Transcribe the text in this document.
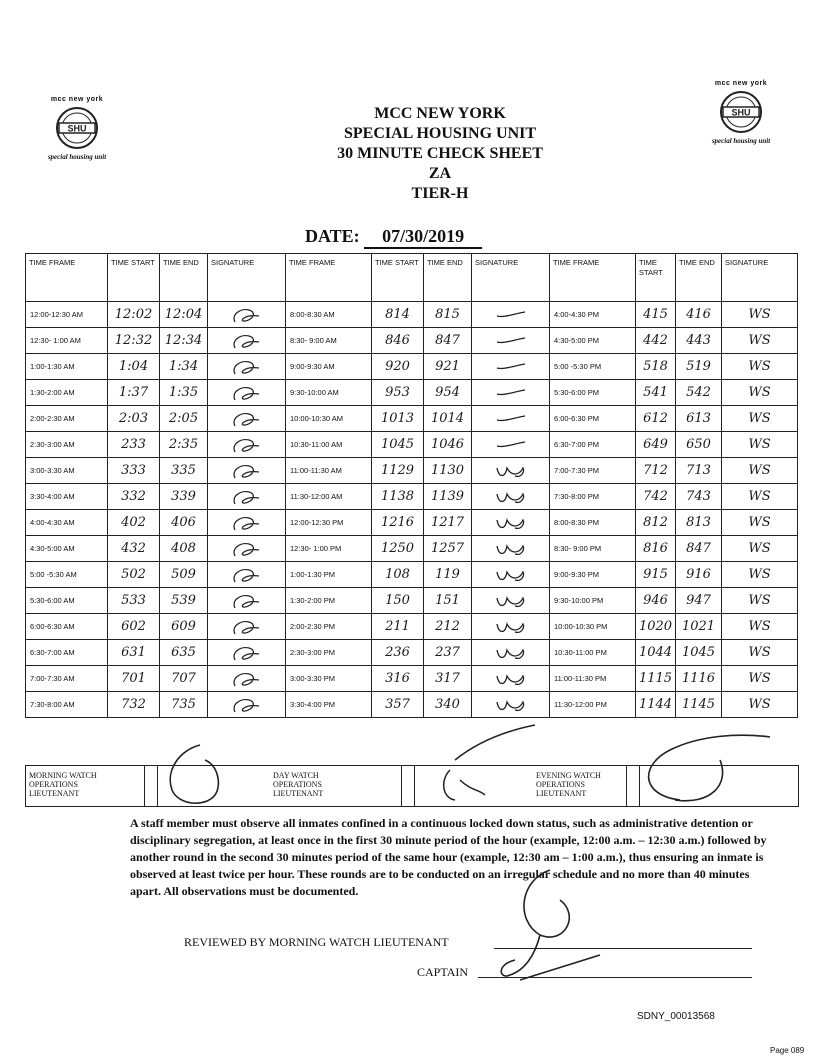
mcc new york
SHU
special housing unit
mcc new york
SHU
special housing unit
MCC NEW YORK
SPECIAL HOUSING UNIT
30 MINUTE CHECK SHEET
ZA
TIER-H
DATE: 07/30/2019
TIME FRAME	TIME START	TIME END	SIGNATURE	TIME FRAME	TIME START	TIME END	SIGNATURE	TIME FRAME	TIME START	TIME END	SIGNATURE
12:00-12:30 AM	12:02	12:04		8:00-8:30 AM	814	815		4:00-4:30 PM	415	416	WS
12:30- 1:00 AM	12:32	12:34		8:30- 9:00 AM	846	847		4:30-5:00 PM	442	443	WS
1:00-1:30 AM	1:04	1:34		9:00-9:30 AM	920	921		5:00 -5:30 PM	518	519	WS
1:30-2:00 AM	1:37	1:35		9:30-10:00 AM	953	954		5:30-6:00 PM	541	542	WS
2:00-2:30 AM	2:03	2:05		10:00-10:30 AM	1013	1014		6:00-6:30 PM	612	613	WS
2:30-3:00 AM	233	2:35		10:30-11:00 AM	1045	1046		6:30-7:00 PM	649	650	WS
3:00-3:30 AM	333	335		11:00-11:30 AM	1129	1130		7:00-7:30 PM	712	713	WS
3:30-4:00 AM	332	339		11:30-12:00 AM	1138	1139		7:30-8:00 PM	742	743	WS
4:00-4:30 AM	402	406		12:00-12:30 PM	1216	1217		8:00-8:30 PM	812	813	WS
4:30-5:00 AM	432	408		12:30- 1:00 PM	1250	1257		8:30- 9:00 PM	816	847	WS
5:00 -5:30 AM	502	509		1:00-1:30 PM	108	119		9:00-9:30 PM	915	916	WS
5:30-6:00 AM	533	539		1:30-2:00 PM	150	151		9:30-10:00 PM	946	947	WS
6:00-6:30 AM	602	609		2:00-2:30 PM	211	212		10:00-10:30 PM	1020	1021	WS
6:30-7:00 AM	631	635		2:30-3:00 PM	236	237		10:30-11:00 PM	1044	1045	WS
7:00-7:30 AM	701	707		3:00-3:30 PM	316	317		11:00-11:30 PM	1115	1116	WS
7:30-8:00 AM	732	735		3:30-4:00 PM	357	340		11:30-12:00 PM	1144	1145	WS
MORNING WATCH OPERATIONS LIEUTENANT
DAY WATCH OPERATIONS LIEUTENANT
EVENING WATCH OPERATIONS LIEUTENANT
A staff member must observe all inmates confined in a continuous locked down status, such as administrative detention or disciplinary segregation, at least once in the first 30 minute period of the hour (example, 12:00 a.m. – 12:30 a.m.) followed by another round in the second 30 minutes period of the same hour (example, 12:30 am – 1:00 a.m.), thus ensuring an inmate is observed at least twice per hour. These rounds are to be conducted on an irregular schedule and no more than 40 minutes apart. All observations must be documented.
REVIEWED BY MORNING WATCH LIEUTENANT
CAPTAIN
SDNY_00013568
Page 089
